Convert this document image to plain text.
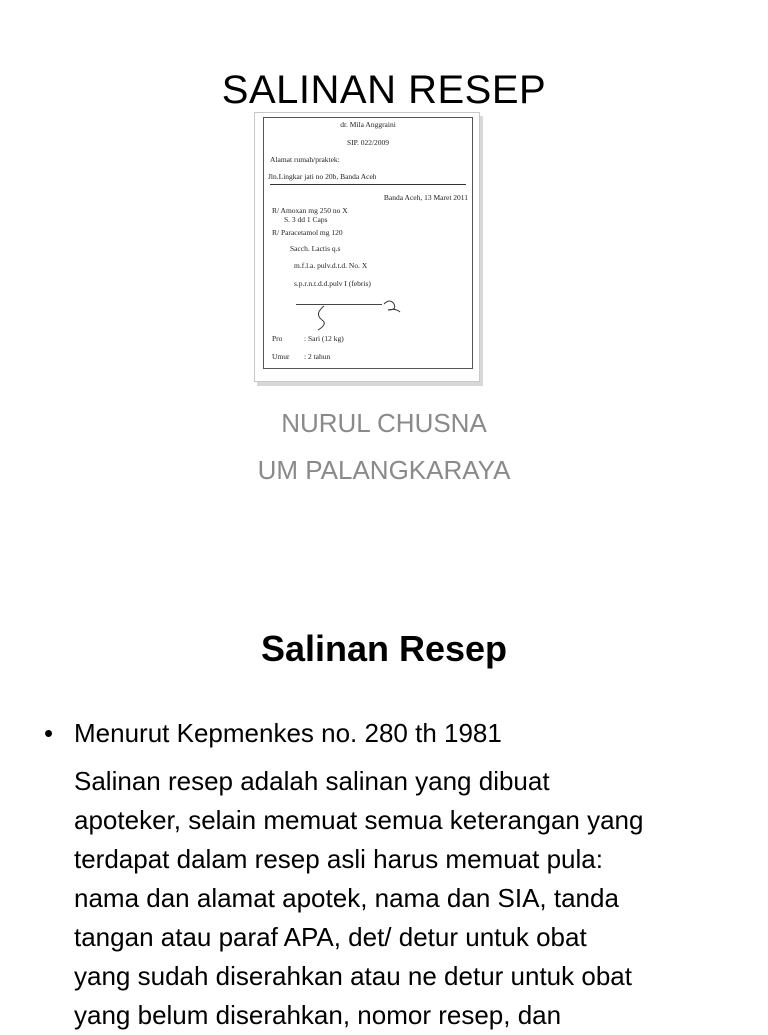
SALINAN RESEP
dr. Mila Anggraini
SIP. 022/2009
Alamat rumah/praktek:
Jln.Lingkar jati no 20b, Banda Aceh
Banda Aceh, 13 Maret 2011
R/ Amoxan mg 250 no X
S. 3 dd 1 Caps
R/ Paracetamol mg 120
Sacch. Lactis q.s
m.f.l.a. pulv.d.t.d. No. X
s.p.r.n.t.d.d.pulv I (febris)
Pro	: Sari (12 kg)
Umur : 2 tahun
NURUL CHUSNA
UM PALANGKARAYA
Salinan Resep
• Menurut Kepmenkes no. 280 th 1981
Salinan resep adalah salinan yang dibuat
apoteker, selain memuat semua keterangan yang
terdapat dalam resep asli harus memuat pula:
nama dan alamat apotek, nama dan SIA, tanda
tangan atau paraf APA, det/ detur untuk obat
yang sudah diserahkan atau ne detur untuk obat
yang belum diserahkan, nomor resep, dan
